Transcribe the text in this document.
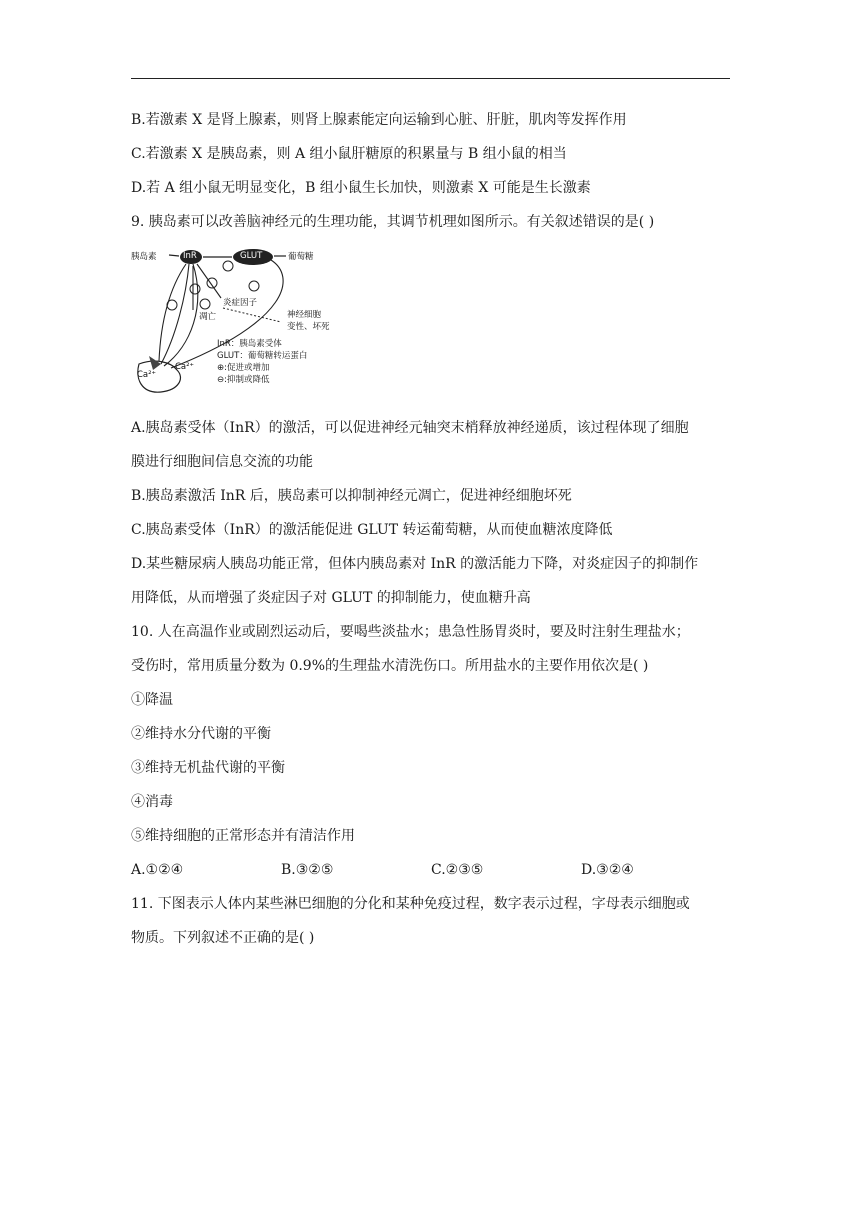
B.若激素 X 是肾上腺素，则肾上腺素能定向运输到心脏、肝脏，肌肉等发挥作用
C.若激素 X 是胰岛素，则 A 组小鼠肝糖原的积累量与 B 组小鼠的相当
D.若 A 组小鼠无明显变化，B 组小鼠生长加快，则激素 X 可能是生长激素
9. 胰岛素可以改善脑神经元的生理功能，其调节机理如图所示。有关叙述错误的是( )
胰岛素	InR	GLUT	葡萄糖
炎症因子
凋亡	神经细胞
变性、坏死
Ca²⁺
Ca²⁺
InR：胰岛素受体
GLUT：葡萄糖转运蛋白
⊕:促进或增加
⊖:抑制或降低
A.胰岛素受体（InR）的激活，可以促进神经元轴突末梢释放神经递质，该过程体现了细胞
膜进行细胞间信息交流的功能
B.胰岛素激活 InR 后，胰岛素可以抑制神经元凋亡，促进神经细胞坏死
C.胰岛素受体（InR）的激活能促进 GLUT 转运葡萄糖，从而使血糖浓度降低
D.某些糖尿病人胰岛功能正常，但体内胰岛素对 InR 的激活能力下降，对炎症因子的抑制作
用降低，从而增强了炎症因子对 GLUT 的抑制能力，使血糖升高
10. 人在高温作业或剧烈运动后，要喝些淡盐水；患急性肠胃炎时，要及时注射生理盐水；
受伤时，常用质量分数为 0.9%的生理盐水清洗伤口。所用盐水的主要作用依次是( )
①降温
②维持水分代谢的平衡
③维持无机盐代谢的平衡
④消毒
⑤维持细胞的正常形态并有清洁作用
A.①②④	B.③②⑤	C.②③⑤	D.③②④
11. 下图表示人体内某些淋巴细胞的分化和某种免疫过程，数字表示过程，字母表示细胞或
物质。下列叙述不正确的是( )
